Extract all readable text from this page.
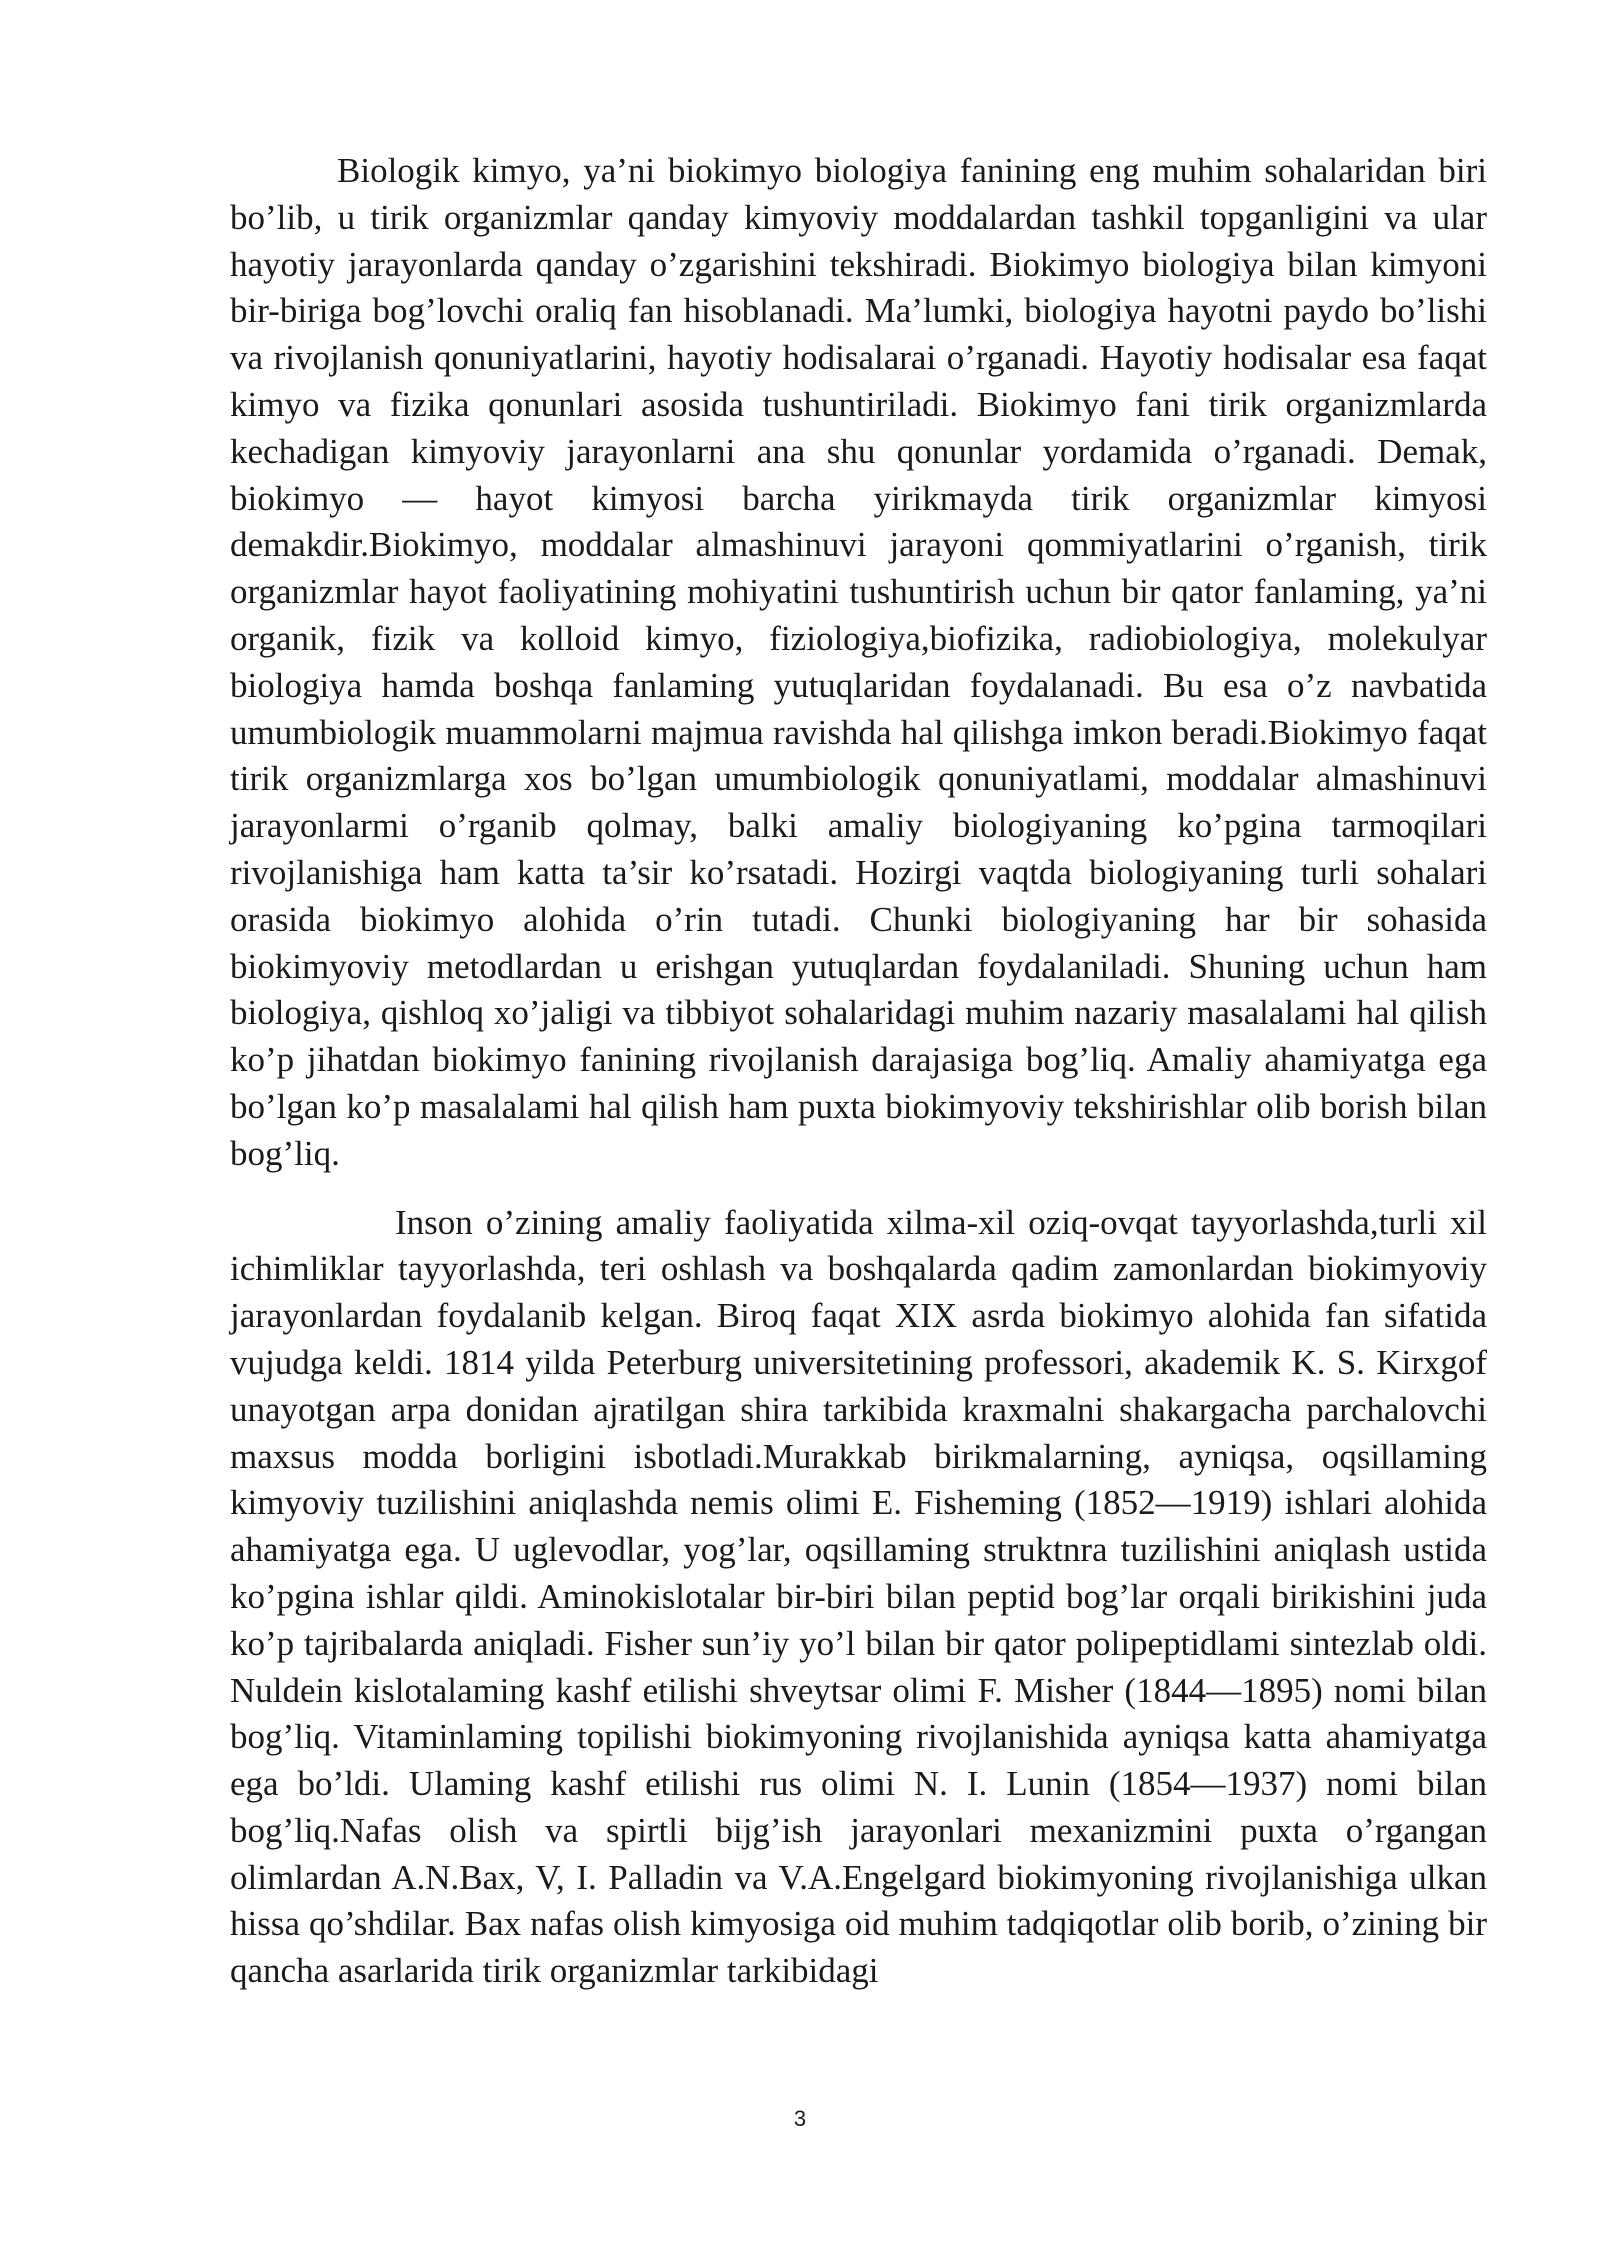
Biologik kimyo, ya’ni biokimyo biologiya fanining eng muhim sohalaridan biri bo’lib, u tirik organizmlar qanday kimyoviy moddalardan tashkil topganligini va ular hayotiy jarayonlarda qanday o’zgarishini tekshiradi. Biokimyo biologiya bilan kimyoni bir-biriga bog’lovchi oraliq fan hisoblanadi. Ma’lumki, biologiya hayotni paydo bo’lishi va rivojlanish qonuniyatlarini, hayotiy hodisalarai o’rganadi. Hayotiy hodisalar esa faqat kimyo va fizika qonunlari asosida tushuntiriladi. Biokimyo fani tirik organizmlarda kechadigan kimyoviy jarayonlarni ana shu qonunlar yordamida o’rganadi. Demak, biokimyo — hayot kimyosi barcha yirikmayda tirik organizmlar kimyosi demakdir.Biokimyo, moddalar almashinuvi jarayoni qommiyatlarini o’rganish, tirik organizmlar hayot faoliyatining mohiyatini tushuntirish uchun bir qator fanlaming, ya’ni organik, fizik va kolloid kimyo, fiziologiya,biofizika, radiobiologiya, molekulyar biologiya hamda boshqa fanlaming yutuqlaridan foydalanadi. Bu esa o’z navbatida umumbiologik muammolarni majmua ravishda hal qilishga imkon beradi.Biokimyo faqat tirik organizmlarga xos bo’lgan umumbiologik qonuniyatlami, moddalar almashinuvi jarayonlarmi o’rganib qolmay, balki amaliy biologiyaning ko’pgina tarmoqilari rivojlanishiga ham katta ta’sir ko’rsatadi. Hozirgi vaqtda biologiyaning turli sohalari orasida biokimyo alohida o’rin tutadi. Chunki biologiyaning har bir sohasida biokimyoviy metodlardan u erishgan yutuqlardan foydalaniladi. Shuning uchun ham biologiya, qishloq xo’jaligi va tibbiyot sohalaridagi muhim nazariy masalalami hal qilish ko’p jihatdan biokimyo fanining rivojlanish darajasiga bog’liq. Amaliy ahamiyatga ega bo’lgan ko’p masalalami hal qilish ham puxta biokimyoviy tekshirishlar olib borish bilan bog’liq.

Inson o’zining amaliy faoliyatida xilma-xil oziq-ovqat tayyorlashda,turli xil ichimliklar tayyorlashda, teri oshlash va boshqalarda qadim zamonlardan biokimyoviy jarayonlardan foydalanib kelgan. Biroq faqat XIX asrda biokimyo alohida fan sifatida vujudga keldi. 1814 yilda Peterburg universitetining professori, akademik K. S. Kirxgof unayotgan arpa donidan ajratilgan shira tarkibida kraxmalni shakargacha parchalovchi maxsus modda borligini isbotladi.Murakkab birikmalarning, ayniqsa, oqsillaming kimyoviy tuzilishini aniqlashda nemis olimi E. Fisheming (1852—1919) ishlari alohida ahamiyatga ega. U uglevodlar, yog’lar, oqsillaming struktnra tuzilishini aniqlash ustida ko’pgina ishlar qildi. Aminokislotalar bir-biri bilan peptid bog’lar orqali birikishini juda ko’p tajribalarda aniqladi. Fisher sun’iy yo’l bilan bir qator polipeptidlami sintezlab oldi. Nuldein kislotalaming kashf etilishi shveytsar olimi F. Misher (1844—1895) nomi bilan bog’liq. Vitaminlaming topilishi biokimyoning rivojlanishida ayniqsa katta ahamiyatga ega bo’ldi. Ulaming kashf etilishi rus olimi N. I. Lunin (1854—1937) nomi bilan bog’liq.Nafas olish va spirtli bijg’ish jarayonlari mexanizmini puxta o’rgangan olimlardan A.N.Bax, V, I. Palladin va V.A.Engelgard biokimyoning rivojlanishiga ulkan hissa qo’shdilar. Bax nafas olish kimyosiga oid muhim tadqiqotlar olib borib, o’zining bir qancha asarlarida tirik organizmlar tarkibidagi

3
